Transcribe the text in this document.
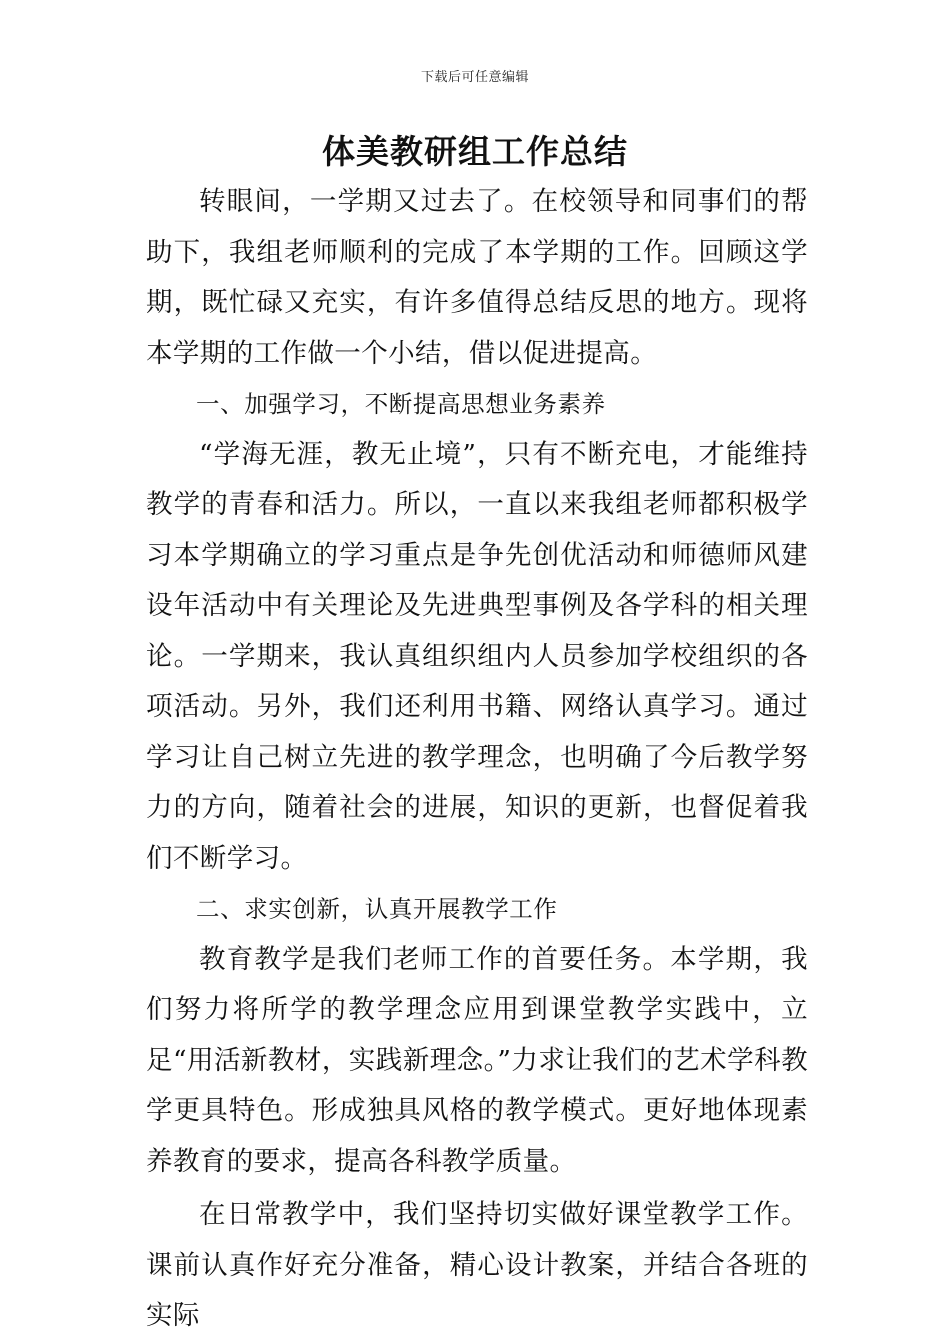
下载后可任意编辑
体美教研组工作总结

转眼间，一学期又过去了。在校领导和同事们的帮助下，我组老师顺利的完成了本学期的工作。回顾这学期，既忙碌又充实，有许多值得总结反思的地方。现将本学期的工作做一个小结，借以促进提高。

一、加强学习，不断提高思想业务素养

“学海无涯，教无止境”，只有不断充电，才能维持教学的青春和活力。所以，一直以来我组老师都积极学习本学期确立的学习重点是争先创优活动和师德师风建设年活动中有关理论及先进典型事例及各学科的相关理论。一学期来，我认真组织组内人员参加学校组织的各项活动。另外，我们还利用书籍、网络认真学习。通过学习让自己树立先进的教学理念，也明确了今后教学努力的方向，随着社会的进展，知识的更新，也督促着我们不断学习。

二、求实创新，认真开展教学工作

教育教学是我们老师工作的首要任务。本学期，我们努力将所学的教学理念应用到课堂教学实践中，立足“用活新教材，实践新理念。”力求让我们的艺术学科教学更具特色。形成独具风格的教学模式。更好地体现素养教育的要求，提高各科教学质量。

在日常教学中，我们坚持切实做好课堂教学工作。课前认真作好充分准备，精心设计教案，并结合各班的实际
